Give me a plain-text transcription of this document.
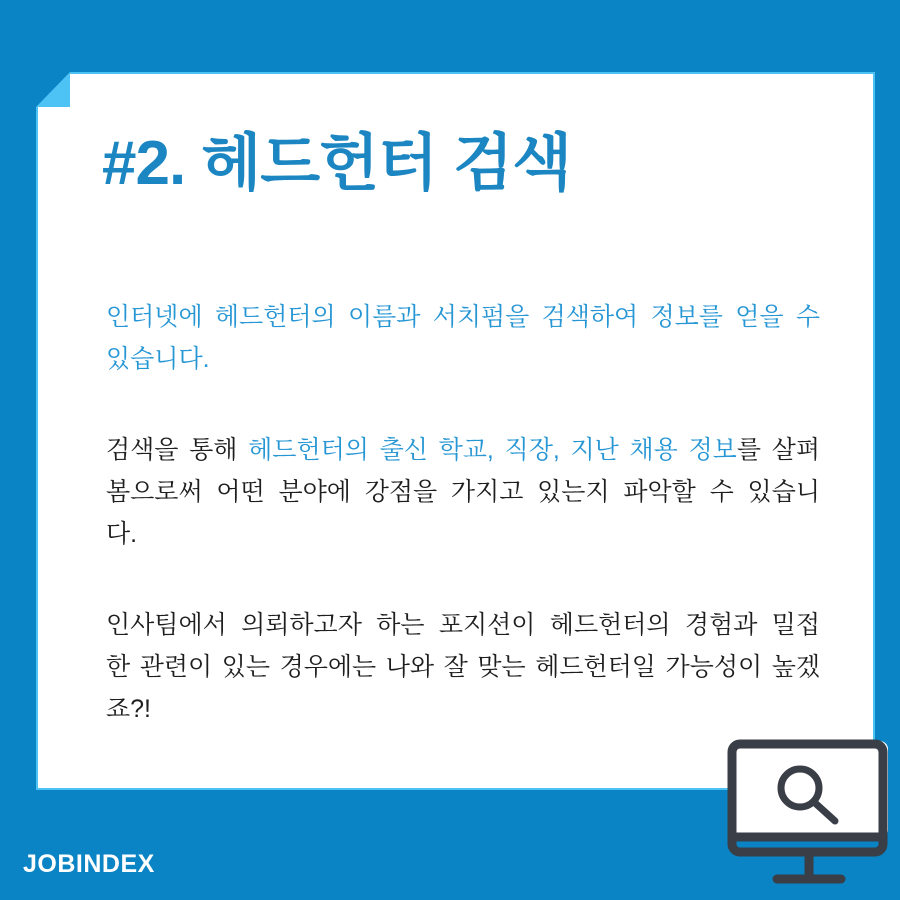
#2. 헤드헌터 검색
인터넷에 헤드헌터의 이름과 서치펌을 검색하여 정보를 얻을 수
있습니다.
검색을 통해 헤드헌터의 출신 학교, 직장, 지난 채용 정보를 살펴
봄으로써 어떤 분야에 강점을 가지고 있는지 파악할 수 있습니
다.
인사팀에서 의뢰하고자 하는 포지션이 헤드헌터의 경험과 밀접
한 관련이 있는 경우에는 나와 잘 맞는 헤드헌터일 가능성이 높겠
죠?!
JOBINDEX
